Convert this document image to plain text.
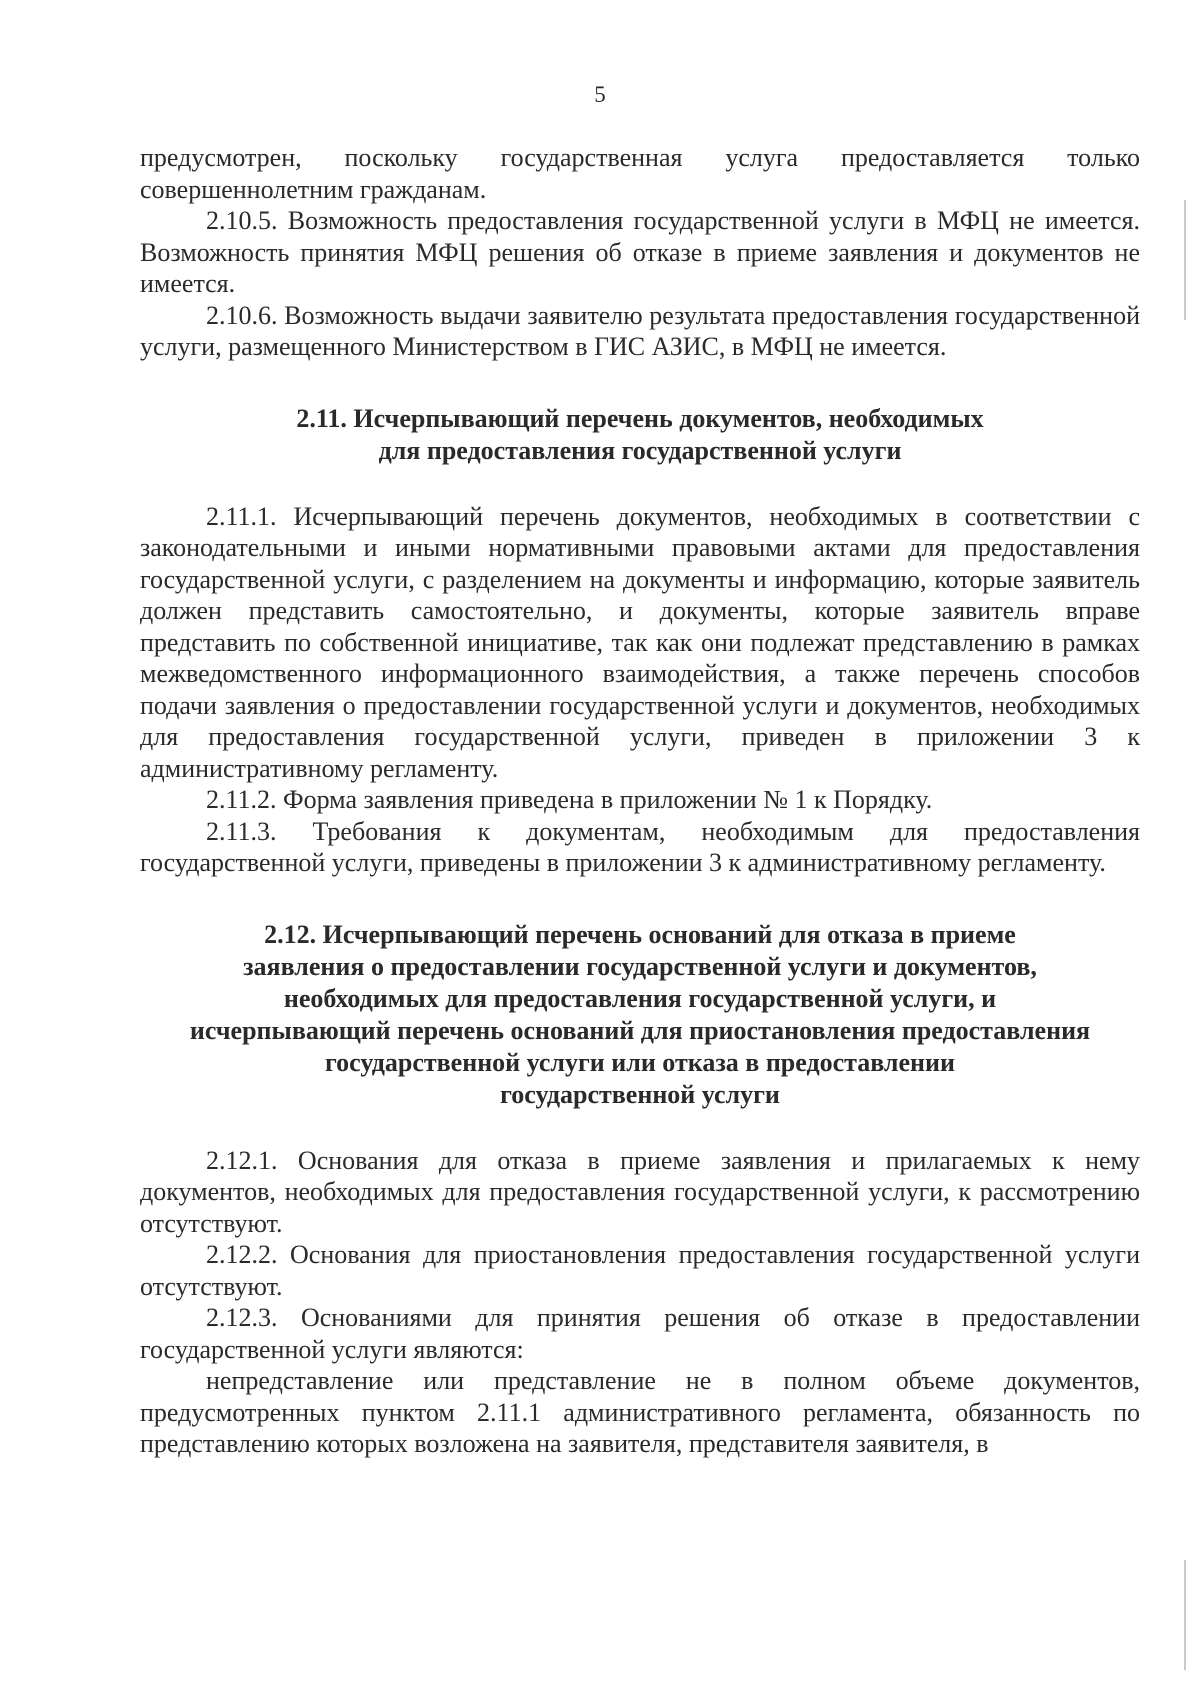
5

предусмотрен, поскольку государственная услуга предоставляется только совершеннолетним гражданам.

2.10.5. Возможность предоставления государственной услуги в МФЦ не имеется. Возможность принятия МФЦ решения об отказе в приеме заявления и документов не имеется.

2.10.6. Возможность выдачи заявителю результата предоставления государственной услуги, размещенного Министерством в ГИС АЗИС, в МФЦ не имеется.

2.11. Исчерпывающий перечень документов, необходимых
для предоставления государственной услуги

2.11.1. Исчерпывающий перечень документов, необходимых в соответствии с законодательными и иными нормативными правовыми актами для предоставления государственной услуги, с разделением на документы и информацию, которые заявитель должен представить самостоятельно, и документы, которые заявитель вправе представить по собственной инициативе, так как они подлежат представлению в рамках межведомственного информационного взаимодействия, а также перечень способов подачи заявления о предоставлении государственной услуги и документов, необходимых для предоставления государственной услуги, приведен в приложении 3 к административному регламенту.

2.11.2. Форма заявления приведена в приложении № 1 к Порядку.

2.11.3. Требования к документам, необходимым для предоставления государственной услуги, приведены в приложении 3 к административному регламенту.

2.12. Исчерпывающий перечень оснований для отказа в приеме
заявления о предоставлении государственной услуги и документов,
необходимых для предоставления государственной услуги, и
исчерпывающий перечень оснований для приостановления предоставления
государственной услуги или отказа в предоставлении
государственной услуги

2.12.1. Основания для отказа в приеме заявления и прилагаемых к нему документов, необходимых для предоставления государственной услуги, к рассмотрению отсутствуют.

2.12.2. Основания для приостановления предоставления государственной услуги отсутствуют.

2.12.3. Основаниями для принятия решения об отказе в предоставлении государственной услуги являются:

непредставление или представление не в полном объеме документов, предусмотренных пунктом 2.11.1 административного регламента, обязанность по представлению которых возложена на заявителя, представителя заявителя, в
